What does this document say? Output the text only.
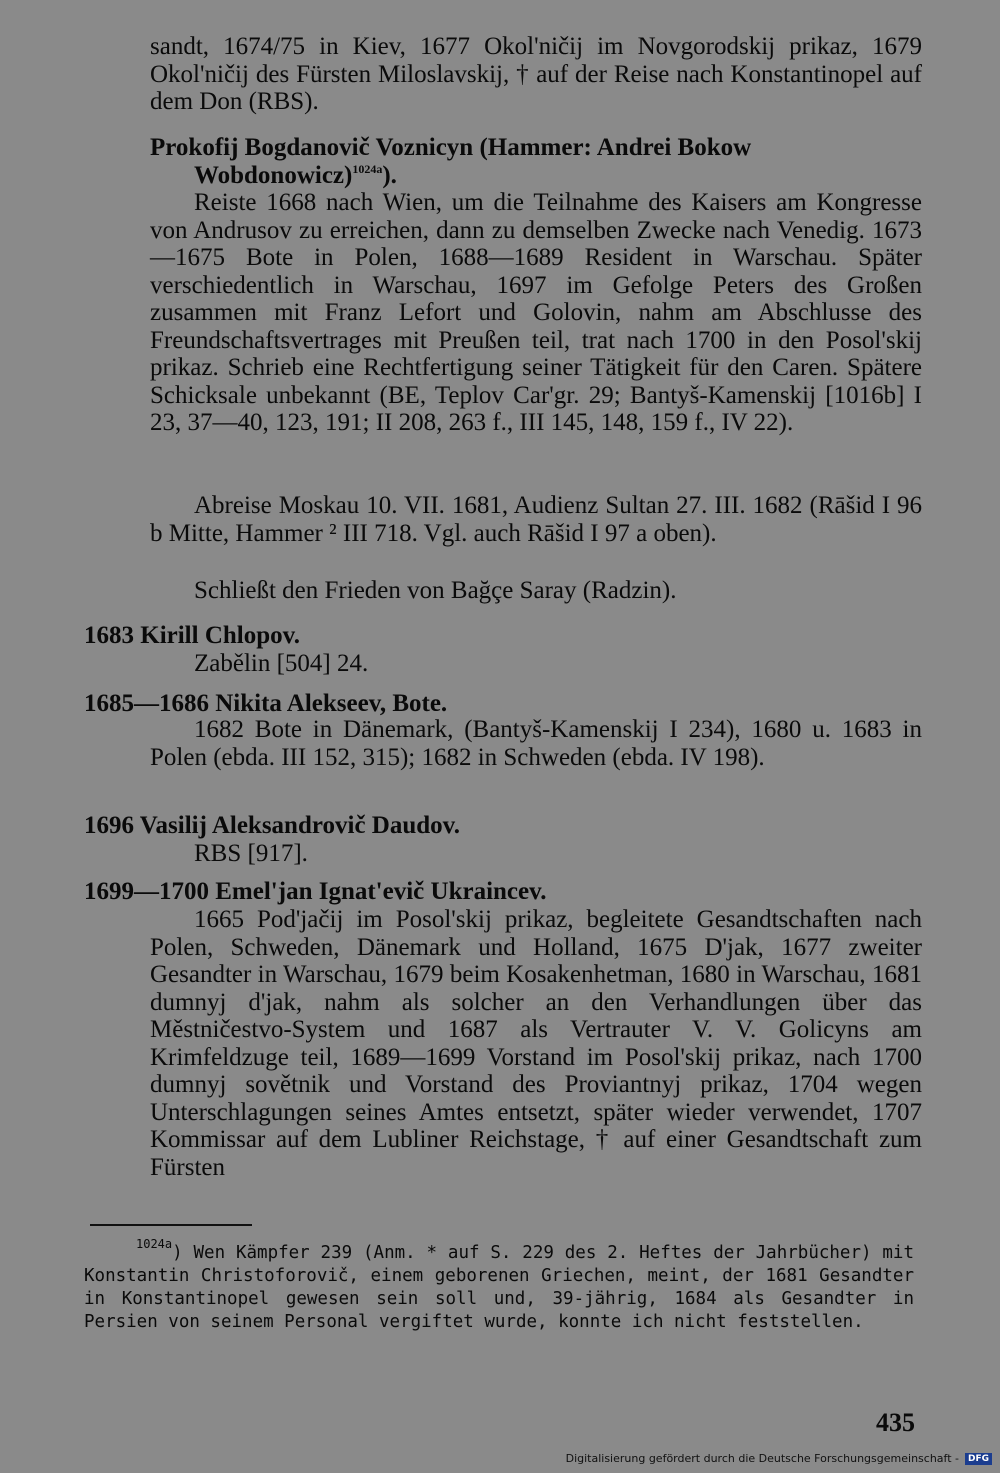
sandt, 1674/75 in Kiev, 1677 Okol'ničij im Novgorodskij prikaz, 1679 Okol'ničij des Fürsten Miloslavskij, † auf der Reise nach Konstantinopel auf dem Don (RBS).

Prokofij Bogdanovič Voznicyn (Hammer: Andrei Bokow
Wobdonowicz)$^{1024a}$).

Reiste 1668 nach Wien, um die Teilnahme des Kaisers am Kongresse von Andrusov zu erreichen, dann zu demselben Zwecke nach Venedig. 1673—1675 Bote in Polen, 1688—1689 Resident in Warschau. Später verschiedentlich in Warschau, 1697 im Gefolge Peters des Großen zusammen mit Franz Lefort und Golovin, nahm am Abschlusse des Freundschaftsvertrages mit Preußen teil, trat nach 1700 in den Posol'skij prikaz. Schrieb eine Rechtfertigung seiner Tätigkeit für den Caren. Spätere Schicksale unbekannt (BE, Teplov Car'gr. 29; Bantyš-Kamenskij [1016b] I 23, 37—40, 123, 191; II 208, 263 f., III 145, 148, 159 f., IV 22).

Abreise Moskau 10. VII. 1681, Audienz Sultan 27. III. 1682 (Rāšid I 96 b Mitte, Hammer ² III 718. Vgl. auch Rāšid I 97 a oben).

Schließt den Frieden von Bağçe Saray (Radzin).

1683 Kirill Chlopov.

Zabělin [504] 24.

1685—1686 Nikita Alekseev, Bote.

1682 Bote in Dänemark, (Bantyš-Kamenskij I 234), 1680 u. 1683 in Polen (ebda. III 152, 315); 1682 in Schweden (ebda. IV 198).

1696 Vasilij Aleksandrovič Daudov.

RBS [917].

1699—1700 Emel'jan Ignat'evič Ukraincev.

1665 Pod'jačij im Posol'skij prikaz, begleitete Gesandtschaften nach Polen, Schweden, Dänemark und Holland, 1675 D'jak, 1677 zweiter Gesandter in Warschau, 1679 beim Kosakenhetman, 1680 in Warschau, 1681 dumnyj d'jak, nahm als solcher an den Verhandlungen über das Městničestvo-System und 1687 als Vertrauter V. V. Golicyns am Krimfeldzuge teil, 1689—1699 Vorstand im Posol'skij prikaz, nach 1700 dumnyj sovětnik und Vorstand des Proviantnyj prikaz, 1704 wegen Unterschlagungen seines Amtes entsetzt, später wieder verwendet, 1707 Kommissar auf dem Lubliner Reichstage, † auf einer Gesandtschaft zum Fürsten

$^{1024a}$) Wen Kämpfer 239 (Anm. * auf S. 229 des 2. Heftes der Jahrbücher) mit Konstantin Christoforovič, einem geborenen Griechen, meint, der 1681 Gesandter in Konstantinopel gewesen sein soll und, 39-jährig, 1684 als Gesandter in Persien von seinem Personal vergiftet wurde, konnte ich nicht feststellen.
435
Digitalisierung gefördert durch die Deutsche Forschungsgemeinschaft -	DFG
